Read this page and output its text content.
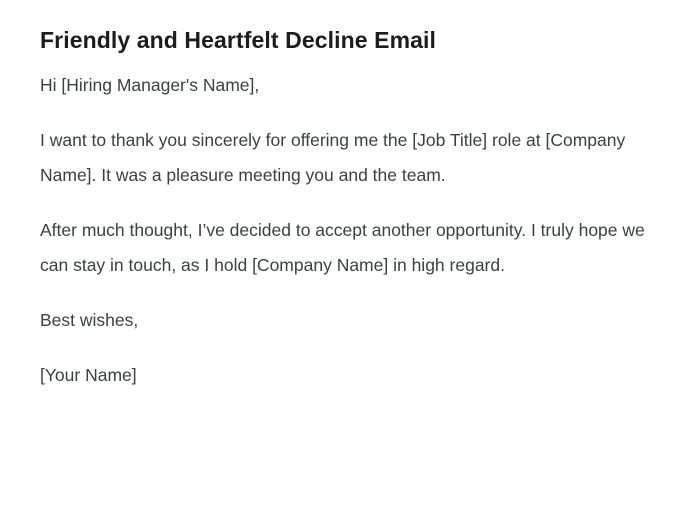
Friendly and Heartfelt Decline Email

Hi [Hiring Manager's Name],

I want to thank you sincerely for offering me the [Job Title] role at [Company Name]. It was a pleasure meeting you and the team.

After much thought, I’ve decided to accept another opportunity. I truly hope we can stay in touch, as I hold [Company Name] in high regard.

Best wishes,

[Your Name]
